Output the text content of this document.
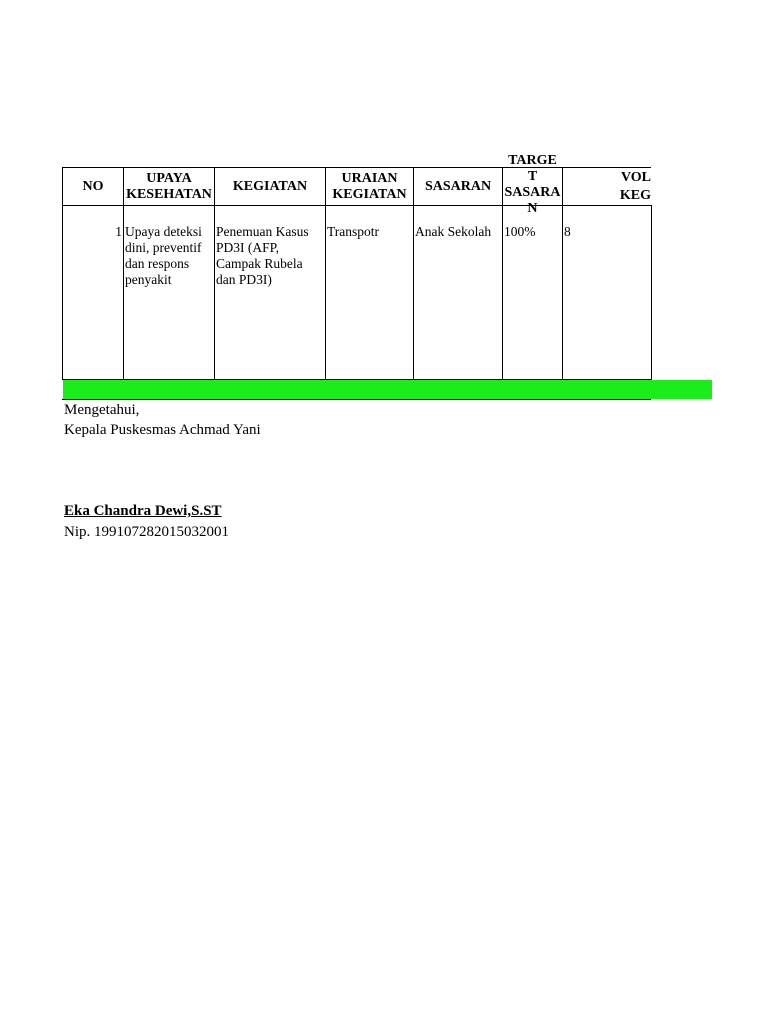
NO
UPAYA
KESEHATAN
KEGIATAN
URAIAN
KEGIATAN
SASARAN
TARGE
T
SASARA
N
VOL
KEG

1 Upaya deteksi
dini, preventif
dan respons
penyakit

Penemuan Kasus
PD3I (AFP,
Campak Rubela
dan PD3I)

Transpotr	Anak Sekolah 100%	8

Mengetahui,
Kepala Puskesmas Achmad Yani
Eka Chandra Dewi,S.ST
Nip. 199107282015032001
